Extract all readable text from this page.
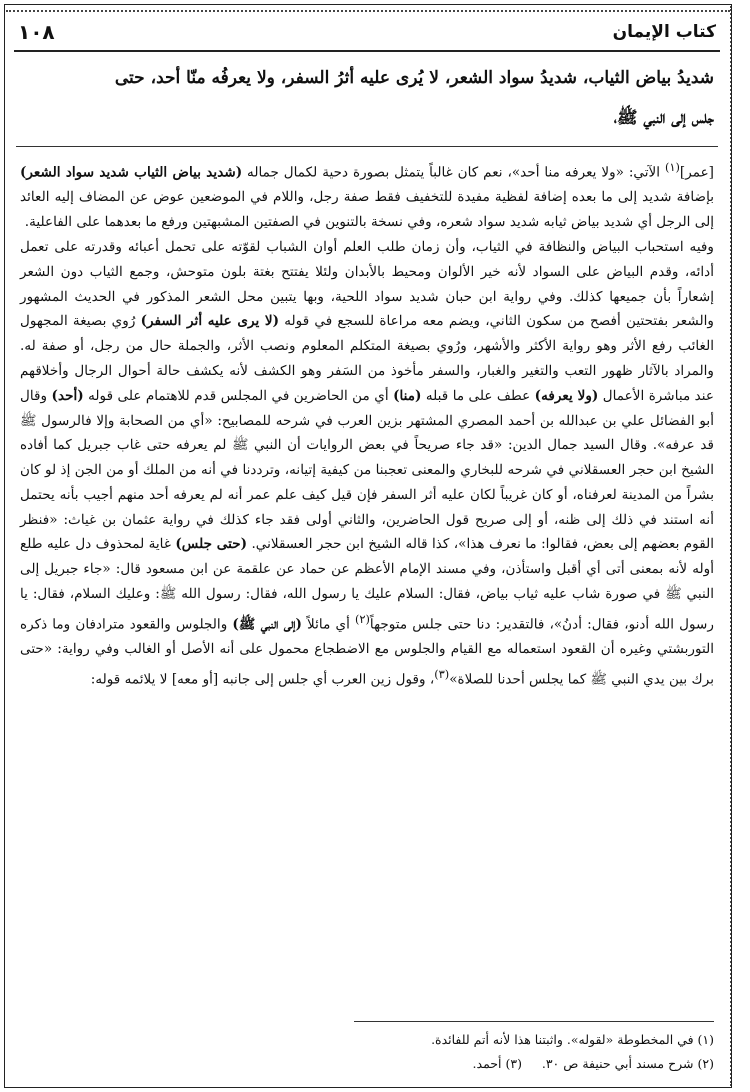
كتاب الإيمان
١٠٨
شديدُ بياض الثياب، شديدُ سواد الشعر، لا يُرى عليه أثرُ السفر، ولا يعرفُه منّا أحد، حتى
جلس إلى النبي ﷺ،
[عمر]$^{(١)}$ الآتي: «ولا يعرفه منا أحد»، نعم كان غالباً يتمثل بصورة دحية لكمال جماله (شديد بياض الثياب شديد سواد الشعر) بإضافة شديد إلى ما بعده إضافة لفظية مفيدة للتخفيف فقط صفة رجل، واللام في الموضعين عوض عن المضاف إليه العائد إلى الرجل أي شديد بياض ثيابه شديد سواد شعره، وفي نسخة بالتنوين في الصفتين المشبهتين ورفع ما بعدهما على الفاعلية.
وفيه استحباب البياض والنظافة في الثياب، وأن زمان طلب العلم أوان الشباب لقوّته على تحمل أعبائه وقدرته على تعمل أدائه، وقدم البياض على السواد لأنه خير الألوان ومحيط بالأبدان ولئلا يفتتح بغتة بلون متوحش، وجمع الثياب دون الشعر إشعاراً بأن جميعها كذلك. وفي رواية ابن حبان شديد سواد اللحية، وبها يتبين محل الشعر المذكور في الحديث المشهور والشعر بفتحتين أفصح من سكون الثاني، ويضم معه مراعاة للسجع في قوله (لا يرى عليه أثر السفر) رُوي بصيغة المجهول الغائب رفع الأثر وهو رواية الأكثر والأشهر، ورُوي بصيغة المتكلم المعلوم ونصب الأثر، والجملة حال من رجل، أو صفة له. والمراد بالآثار ظهور التعب والتغير والغبار، والسفر مأخوذ من السَفر وهو الكشف لأنه يكشف حالة أحوال الرجال وأخلاقهم عند مباشرة الأعمال (ولا يعرفه) عطف على ما قبله (منا) أي من الحاضرين في المجلس قدم للاهتمام على قوله (أحد) وقال أبو الفضائل علي بن عبدالله بن أحمد المصري المشتهر بزين العرب في شرحه للمصابيح: «أي من الصحابة وإلا فالرسول ﷺ قد عرفه». وقال السيد جمال الدين: «قد جاء صريحاً في بعض الروايات أن النبي ﷺ لم يعرفه حتى غاب جبريل كما أفاده الشيخ ابن حجر العسقلاني في شرحه للبخاري والمعنى تعجبنا من كيفية إتيانه، وترددنا في أنه من الملك أو من الجن إذ لو كان بشراً من المدينة لعرفناه، أو كان غريباً لكان عليه أثر السفر فإن قيل كيف علم عمر أنه لم يعرفه أحد منهم أجيب بأنه يحتمل أنه استند في ذلك إلى ظنه، أو إلى صريح قول الحاضرين، والثاني أولى فقد جاء كذلك في رواية عثمان بن غياث: «فنظر القوم بعضهم إلى بعض، فقالوا: ما نعرف هذا»، كذا قاله الشيخ ابن حجر العسقلاني. (حتى جلس) غاية لمحذوف دل عليه طلع أوله لأنه بمعنى أتى أي أقبل واستأذن، وفي مسند الإمام الأعظم عن حماد عن علقمة عن ابن مسعود قال: «جاء جبريل إلى النبي ﷺ في صورة شاب عليه ثياب بياض، فقال: السلام عليك يا رسول الله، فقال: رسول الله ﷺ: وعليك السلام، فقال: يا رسول الله أدنو، فقال: أدنُ»، فالتقدير: دنا حتى جلس متوجهاً$^{(٢)}$ أي مائلاً (إلى النبي ﷺ) والجلوس والقعود مترادفان وما ذكره التوربشتي وغيره أن القعود استعماله مع القيام والجلوس مع الاضطجاع محمول على أنه الأصل أو الغالب وفي رواية: «حتى برك بين يدي النبي ﷺ كما يجلس أحدنا للصلاة»$^{(٣)}$، وقول زين العرب أي جلس إلى جانبه [أو معه] لا يلائمه قوله:
(١) في المخطوطة «لقوله». واثبتنا هذا لأنه أتم للفائدة.
(٢) شرح مسند أبي حنيفة ص ٣٠.     (٣) أحمد.
